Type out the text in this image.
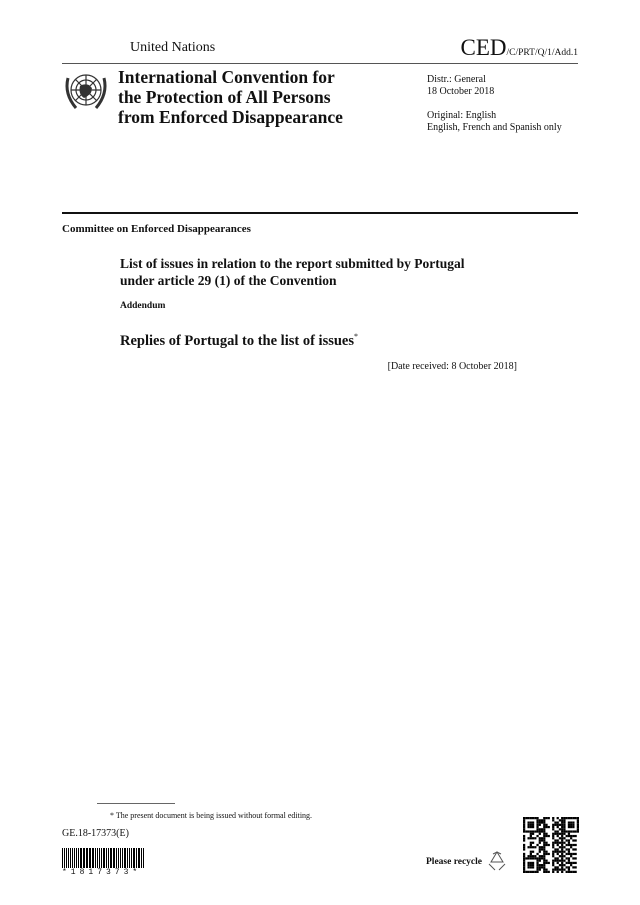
United Nations	CED/C/PRT/Q/1/Add.1
International Convention for
the Protection of All Persons
from Enforced Disappearance
Distr.: General
18 October 2018
Original: English
English, French and Spanish only
Committee on Enforced Disappearances
List of issues in relation to the report submitted by Portugal
under article 29 (1) of the Convention
Addendum
Replies of Portugal to the list of issues*
[Date received: 8 October 2018]
* The present document is being issued without formal editing.
GE.18-17373(E)
*1817373*
Please recycle
